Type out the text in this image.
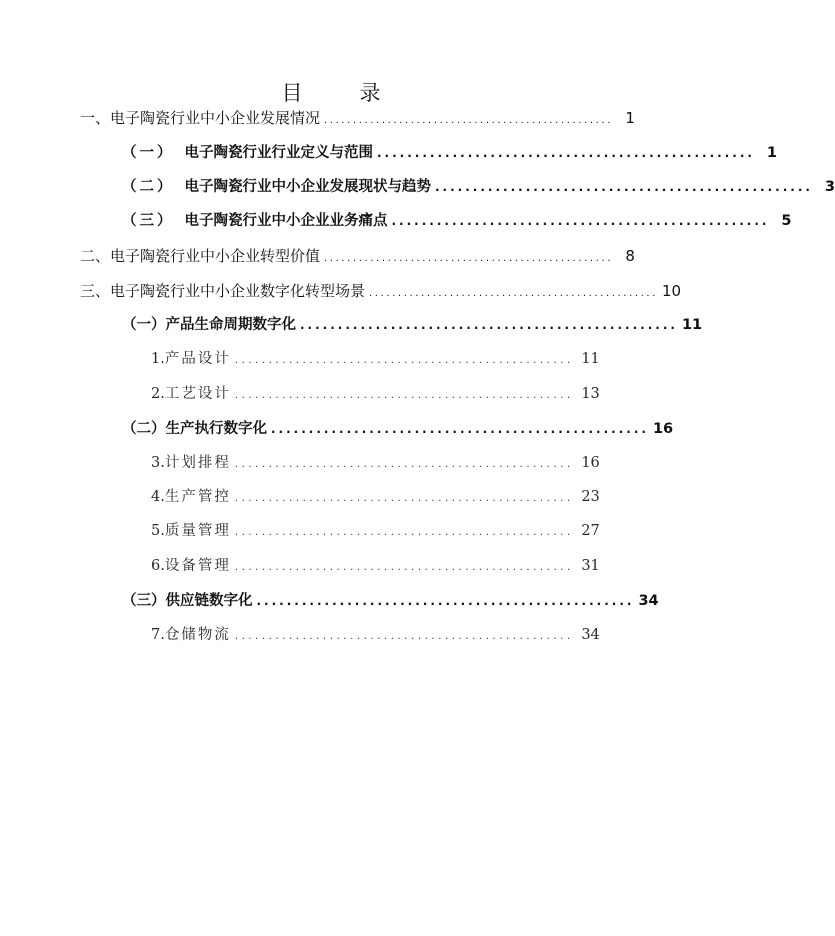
目　录
一、 电子陶瓷行业中小企业发展情况 .................................................. 1
（一） 电子陶瓷行业行业定义与范围 .................................................. 1
（二） 电子陶瓷行业中小企业发展现状与趋势 .................................................. 3
（三） 电子陶瓷行业中小企业业务痛点 .................................................. 5
二、 电子陶瓷行业中小企业转型价值 .................................................. 8
三、 电子陶瓷行业中小企业数字化转型场景 .................................................. 10
（一） 产品生命周期数字化 .................................................. 11
1. 产品设计 .................................................. 11
2. 工艺设计 .................................................. 13
（二） 生产执行数字化 .................................................. 16
3. 计划排程 .................................................. 16
4. 生产管控 .................................................. 23
5. 质量管理 .................................................. 27
6. 设备管理 .................................................. 31
（三） 供应链数字化 .................................................. 34
7. 仓储物流 .................................................. 34
